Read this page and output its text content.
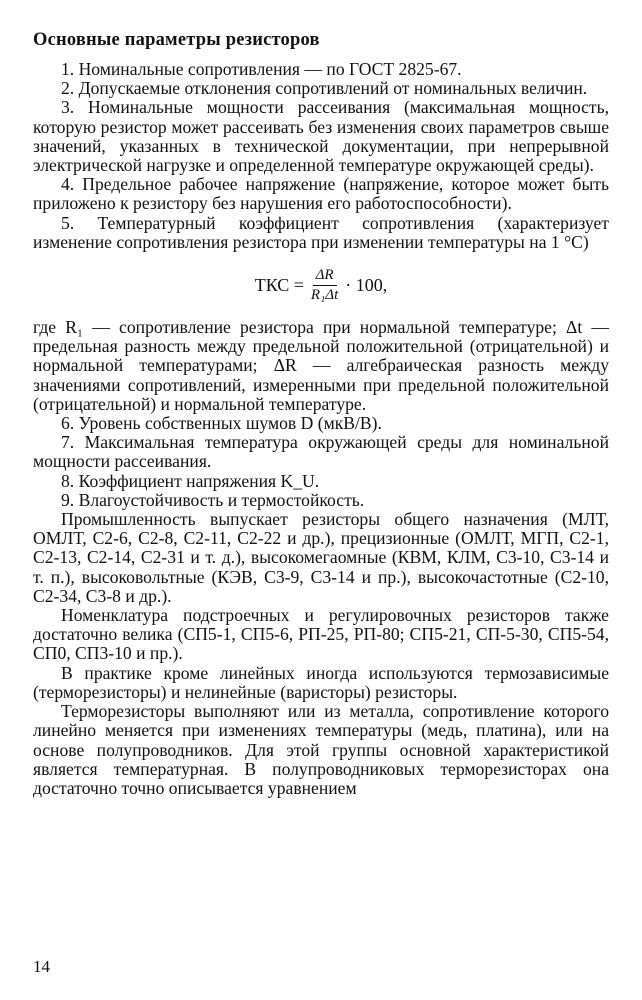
Основные параметры резисторов

1. Номинальные сопротивления — по ГОСТ 2825-67.

2. Допускаемые отклонения сопротивлений от номинальных величин.

3. Номинальные мощности рассеивания (максимальная мощность, которую резистор может рассеивать без изменения своих параметров свыше значений, указанных в технической документации, при непрерывной электрической нагрузке и определенной температуре окружающей среды).

4. Предельное рабочее напряжение (напряжение, которое может быть приложено к резистору без нарушения его работоспособности).

5. Температурный коэффициент сопротивления (характеризует изменение сопротивления резистора при изменении температуры на 1 °С)

ТКС = $\frac{\Delta R}{\text{R₁Δt}} \cdot 100$,

где R₁ — сопротивление резистора при нормальной температуре; Δt — предельная разность между предельной положительной (отрицательной) и нормальной температурами; ΔR — алгебраическая разность между значениями сопротивлений, измеренными при предельной положительной (отрицательной) и нормальной температуре.

6. Уровень собственных шумов D (мкВ/В).

7. Максимальная температура окружающей среды для номинальной мощности рассеивания.

8. Коэффициент напряжения K_U.

9. Влагоустойчивость и термостойкость.

Промышленность выпускает резисторы общего назначения (МЛТ, ОМЛТ, С2-6, С2-8, С2-11, С2-22 и др.), прецизионные (ОМЛТ, МГП, С2-1, С2-13, С2-14, С2-31 и т. д.), высокомегаомные (КВМ, КЛМ, С3-10, С3-14 и т. п.), высоковольтные (КЭВ, С3-9, С3-14 и пр.), высокочастотные (С2-10, С2-34, С3-8 и др.).

Номенклатура подстроечных и регулировочных резисторов также достаточно велика (СП5-1, СП5-6, РП-25, РП-80; СП5-21, СП-5-30, СП5-54, СП0, СП3-10 и пр.).

В практике кроме линейных иногда используются термозависимые (терморезисторы) и нелинейные (варисторы) резисторы.

Терморезисторы выполняют или из металла, сопротивление которого линейно меняется при изменениях температуры (медь, платина), или на основе полупроводников. Для этой группы основной характеристикой является температурная. В полупроводниковых терморезисторах она достаточно точно описывается уравнением

14
